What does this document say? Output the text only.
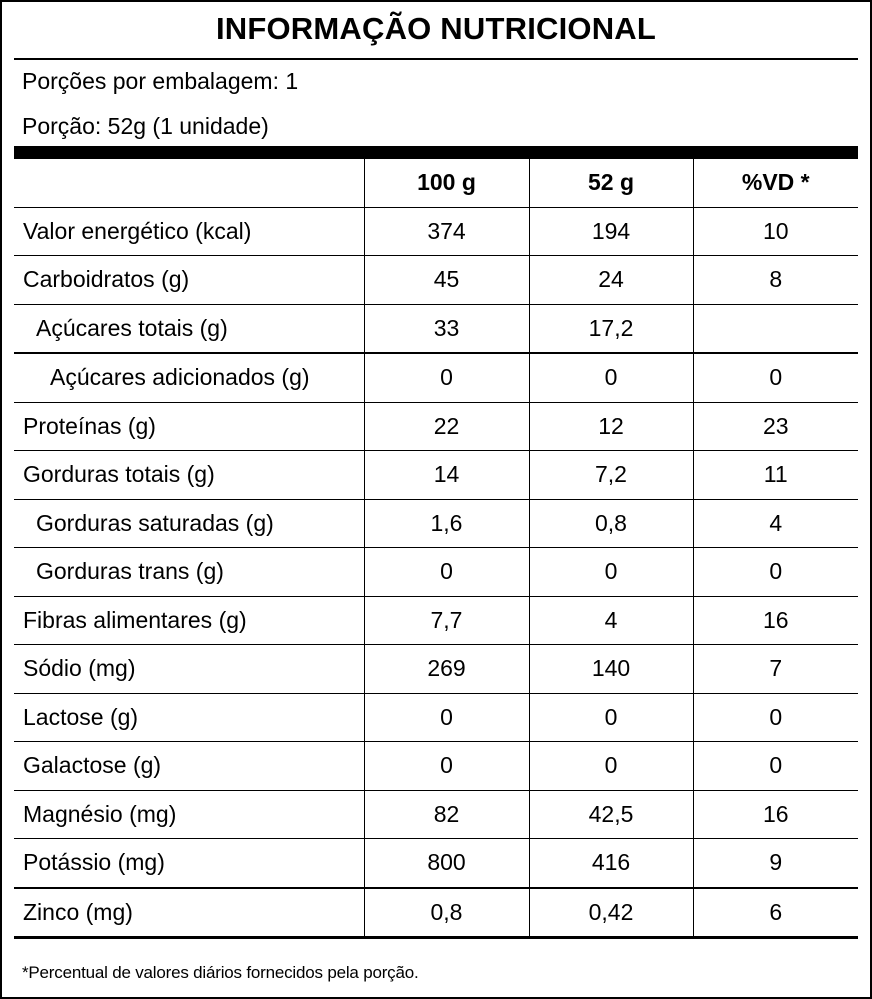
INFORMAÇÃO NUTRICIONAL
Porções por embalagem: 1
Porção: 52g (1 unidade)
	100 g	52 g	%VD *
Valor energético (kcal)	374	194	10
Carboidratos (g)	45	24	8
Açúcares totais (g)	33	17,2	
Açúcares adicionados (g)	0	0	0
Proteínas (g)	22	12	23
Gorduras totais (g)	14	7,2	11
Gorduras saturadas (g)	1,6	0,8	4
Gorduras trans (g)	0	0	0
Fibras alimentares (g)	7,7	4	16
Sódio (mg)	269	140	7
Lactose (g)	0	0	0
Galactose (g)	0	0	0
Magnésio (mg)	82	42,5	16
Potássio (mg)	800	416	9
Zinco (mg)	0,8	0,42	6
*Percentual de valores diários fornecidos pela porção.
